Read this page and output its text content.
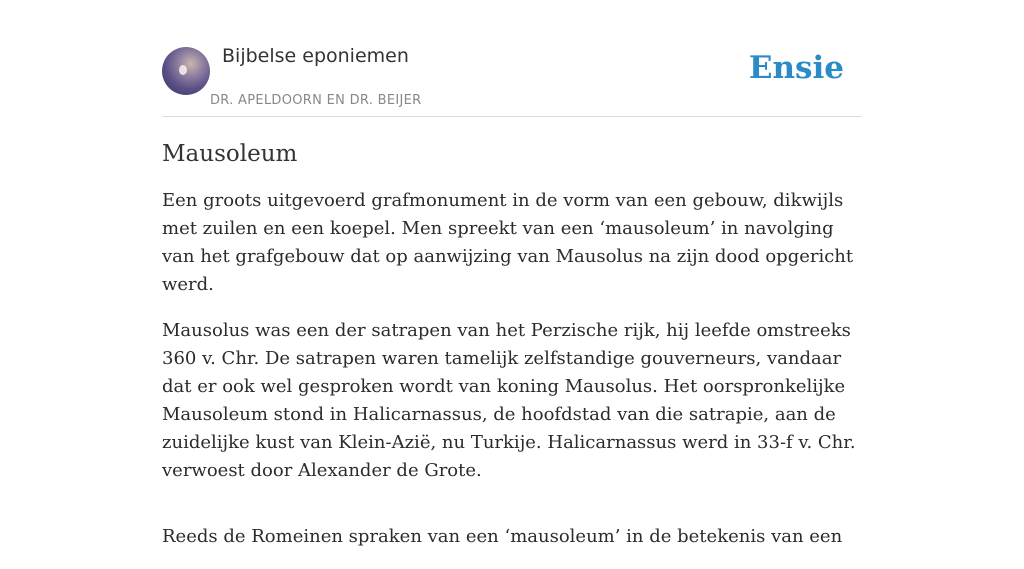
Bijbelse eponiemen
DR. APELDOORN EN DR. BEIJER
Ensie
Mausoleum

Een groots uitgevoerd grafmonument in de vorm van een gebouw, dikwijls met zuilen en een koepel. Men spreekt van een ‘mausoleum’ in navolging van het grafgebouw dat op aanwijzing van Mausolus na zijn dood opgericht werd.

Mausolus was een der satrapen van het Perzische rijk, hij leefde omstreeks 360 v. Chr. De satrapen waren tamelijk zelfstandige gouverneurs, vandaar dat er ook wel gesproken wordt van koning Mausolus. Het oorspronkelijke Mausoleum stond in Halicarnassus, de hoofdstad van die satrapie, aan de zuidelijke kust van Klein-Azië, nu Turkije. Halicarnassus werd in 33-f v. Chr. verwoest door Alexander de Grote.

Reeds de Romeinen spraken van een ‘mausoleum’ in de betekenis van een
